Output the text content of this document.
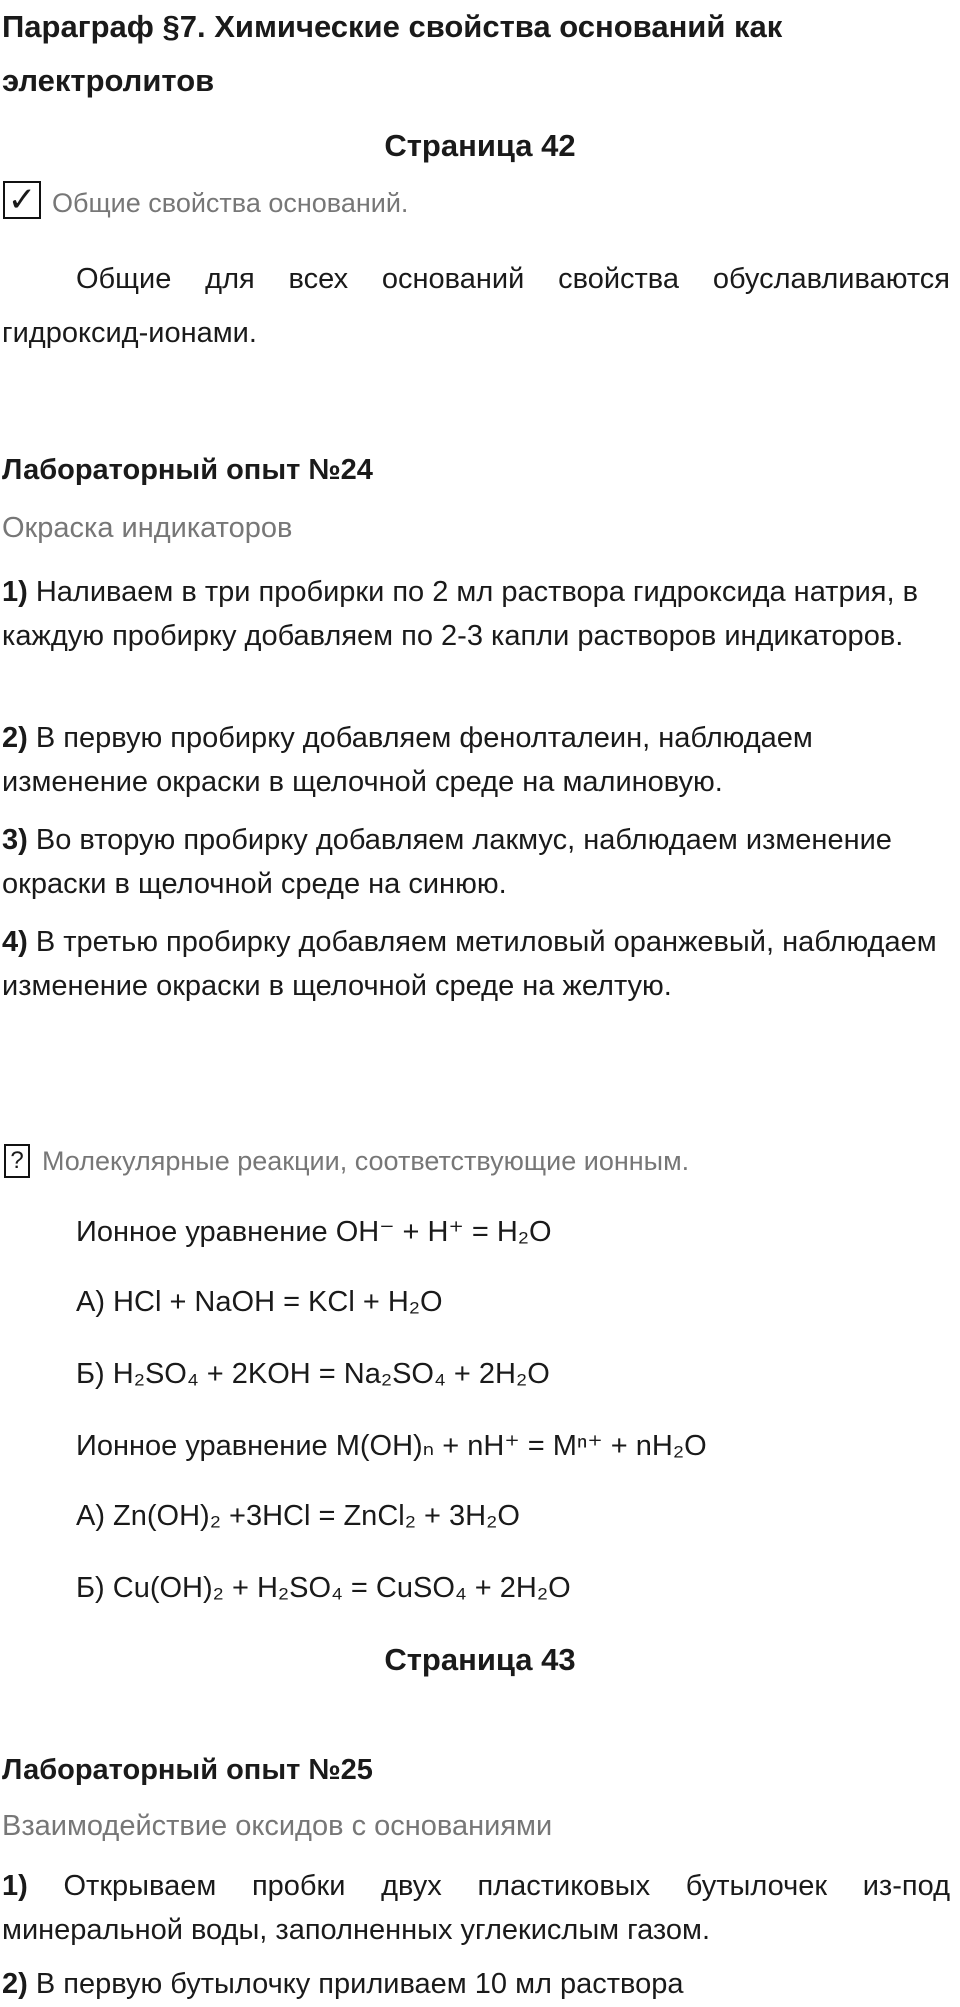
Параграф §7. Химические свойства оснований как электролитов
Страница 42
✓ Общие свойства оснований.
Общие для всех оснований свойства обуславливаются гидроксид-ионами.
Лабораторный опыт №24
Окраска индикаторов
1) Наливаем в три пробирки по 2 мл раствора гидроксида натрия, в каждую пробирку добавляем по 2-3 капли растворов индикаторов.
2) В первую пробирку добавляем фенолталеин, наблюдаем изменение окраски в щелочной среде на малиновую.
3) Во вторую пробирку добавляем лакмус, наблюдаем изменение окраски в щелочной среде на синюю.
4) В третью пробирку добавляем метиловый оранжевый, наблюдаем изменение окраски в щелочной среде на желтую.
? Молекулярные реакции, соответствующие ионным.
Ионное уравнение OH⁻ + H⁺ = H₂O
А) HCl + NaOH = KCl + H₂O
Б) H₂SO₄ + 2KOH = Na₂SO₄ + 2H₂O
Ионное уравнение M(OH)ₙ + nH⁺ = Mⁿ⁺ + nH₂O
А) Zn(OH)₂ +3HCl = ZnCl₂ + 3H₂O
Б) Cu(OH)₂ + H₂SO₄ = CuSO₄ + 2H₂O
Страница 43
Лабораторный опыт №25
Взаимодействие оксидов с основаниями
1) Открываем пробки двух пластиковых бутылочек из-под минеральной воды, заполненных углекислым газом.
2) В первую бутылочку приливаем 10 мл раствора
